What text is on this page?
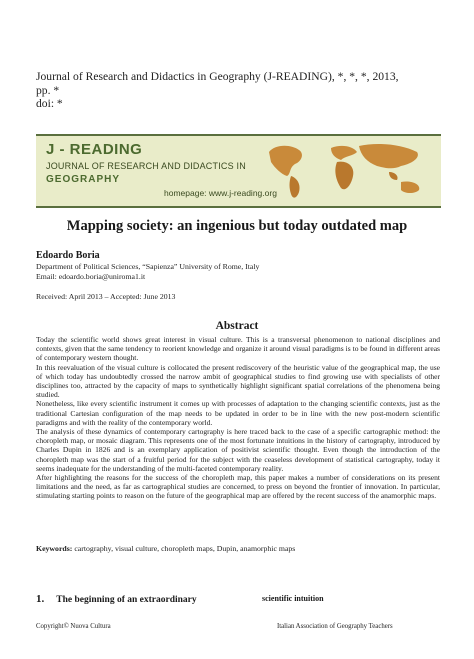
Journal of Research and Didactics in Geography (J-READING), *, *, *, 2013,
pp. *
doi: *
J - READING
JOURNAL OF RESEARCH AND DIDACTICS IN
GEOGRAPHY
homepage: www.j-reading.org
Mapping society: an ingenious but today outdated map
Edoardo Boria
Department of Political Sciences, “Sapienza” University of Rome, Italy
Email: edoardo.boria@uniroma1.it
Received: April 2013 – Accepted: June 2013
Abstract

Today the scientific world shows great interest in visual culture. This is a transversal phenomenon to national disciplines and contexts, given that the same tendency to reorient knowledge and organize it around visual paradigms is to be found in different areas of contemporary western thought.

In this reevaluation of the visual culture is collocated the present rediscovery of the heuristic value of the geographical map, the use of which today has undoubtedly crossed the narrow ambit of geographical studies to find growing use with specialists of other disciplines too, attracted by the capacity of maps to synthetically highlight significant spatial correlations of the phenomena being studied.

Nonetheless, like every scientific instrument it comes up with processes of adaptation to the changing scientific contexts, just as the traditional Cartesian configuration of the map needs to be updated in order to be in line with the new post-modern scientific paradigms and with the reality of the contemporary world.

The analysis of these dynamics of contemporary cartography is here traced back to the case of a specific cartographic method: the choropleth map, or mosaic diagram. This represents one of the most fortunate intuitions in the history of cartography, introduced by Charles Dupin in 1826 and is an exemplary application of positivist scientific thought. Even though the introduction of the choropleth map was the start of a fruitful period for the subject with the ceaseless development of statistical cartography, today it seems inadequate for the understanding of the multi-faceted contemporary reality.

After highlighting the reasons for the success of the choropleth map, this paper makes a number of considerations on its present limitations and the need, as far as cartographical studies are concerned, to press on beyond the frontier of innovation. In particular, stimulating starting points to reason on the future of the geographical map are offered by the recent success of the anamorphic maps.

Keywords: cartography, visual culture, choropleth maps, Dupin, anamorphic maps
1. The beginning of an extraordinary	scientific intuition
Copyright© Nuova Cultura	Italian Association of Geography Teachers
